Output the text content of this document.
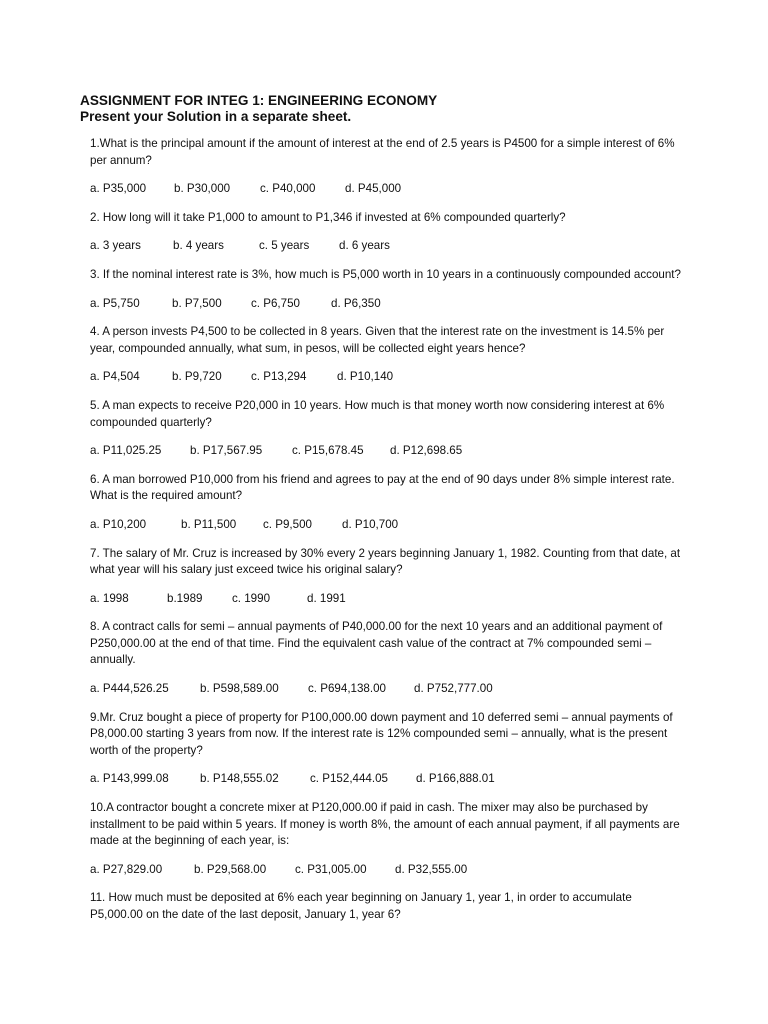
ASSIGNMENT FOR INTEG 1: ENGINEERING ECONOMY
Present your Solution in a separate sheet.

1.What is the principal amount if the amount of interest at the end of 2.5 years is P4500 for a simple interest of 6% per annum?

a. P35,000	b. P30,000	c. P40,000	d. P45,000

2. How long will it take P1,000 to amount to P1,346 if invested at 6% compounded quarterly?

a. 3 years	b. 4 years	c. 5 years	d. 6 years

3. If the nominal interest rate is 3%, how much is P5,000 worth in 10 years in a continuously compounded account?

a. P5,750	b. P7,500	c. P6,750	d. P6,350

4. A person invests P4,500 to be collected in 8 years. Given that the interest rate on the investment is 14.5% per year, compounded annually, what sum, in pesos, will be collected eight years hence?

a. P4,504	b. P9,720	c. P13,294	d. P10,140

5. A man expects to receive P20,000 in 10 years. How much is that money worth now considering interest at 6% compounded quarterly?

a. P11,025.25	b. P17,567.95	c. P15,678.45	d. P12,698.65

6. A man borrowed P10,000 from his friend and agrees to pay at the end of 90 days under 8% simple interest rate. What is the required amount?

a. P10,200	b. P11,500	c. P9,500	d. P10,700

7. The salary of Mr. Cruz is increased by 30% every 2 years beginning January 1, 1982. Counting from that date, at what year will his salary just exceed twice his original salary?

a. 1998	b.1989	c. 1990	d. 1991

8. A contract calls for semi – annual payments of P40,000.00 for the next 10 years and an additional payment of P250,000.00 at the end of that time. Find the equivalent cash value of the contract at 7% compounded semi – annually.

a. P444,526.25	b. P598,589.00	c. P694,138.00	d. P752,777.00

9.Mr. Cruz bought a piece of property for P100,000.00 down payment and 10 deferred semi – annual payments of P8,000.00 starting 3 years from now. If the interest rate is 12% compounded semi – annually, what is the present worth of the property?

a. P143,999.08	b. P148,555.02	c. P152,444.05	d. P166,888.01

10.A contractor bought a concrete mixer at P120,000.00 if paid in cash. The mixer may also be purchased by installment to be paid within 5 years. If money is worth 8%, the amount of each annual payment, if all payments are made at the beginning of each year, is:

a. P27,829.00	b. P29,568.00	c. P31,005.00	d. P32,555.00

11. How much must be deposited at 6% each year beginning on January 1, year 1, in order to accumulate P5,000.00 on the date of the last deposit, January 1, year 6?
